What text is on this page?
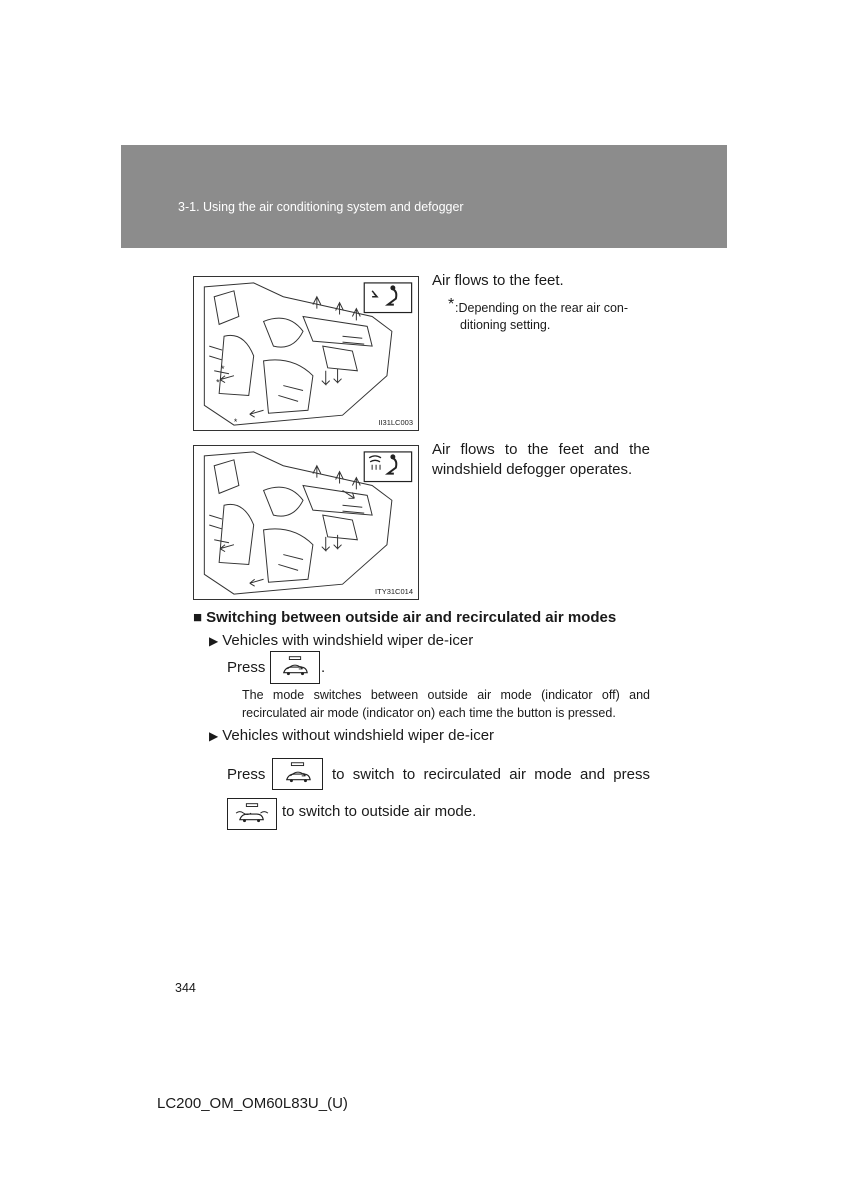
3-1. Using the air conditioning system and defogger
*
*
*	II31LC003
Air flows to the feet.
* :Depending on the rear air con-
ditioning setting.
ITY31C014
Air flows to the feet and the windshield defogger operates.
■ Switching between outside air and recirculated air modes
▶ Vehicles with windshield wiper de-icer
Press	.
The mode switches between outside air mode (indicator off) and recirculated air mode (indicator on) each time the button is pressed.
▶ Vehicles without windshield wiper de-icer
Press	to switch to recirculated air mode and press
to switch to outside air mode.
344
LC200_OM_OM60L83U_(U)
